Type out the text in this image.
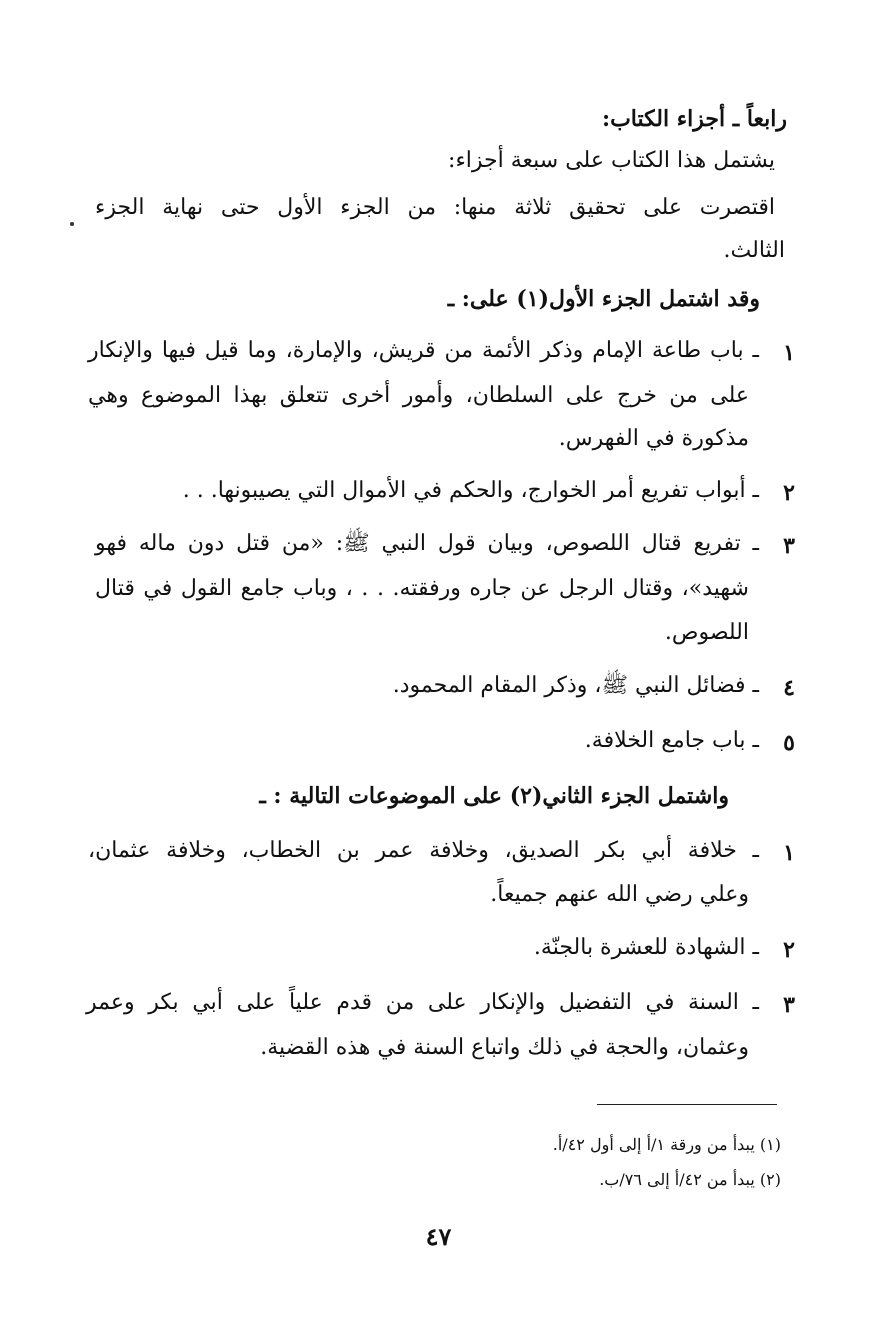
رابعاً ـ أجزاء الكتاب:
يشتمل هذا الكتاب على سبعة أجزاء:
اقتصرت على تحقيق ثلاثة منها: من الجزء الأول حتى نهاية الجزء
الثالث.
وقد اشتمل الجزء الأول(١) على: ـ
١
ـ باب طاعة الإمام وذكر الأئمة من قريش، والإمارة، وما قيل فيها والإنكار
على من خرج على السلطان، وأمور أخرى تتعلق بهذا الموضوع وهي
مذكورة في الفهرس.
٢
ـ أبواب تفريع أمر الخوارج، والحكم في الأموال التي يصيبونها. . .
٣
ـ تفريع قتال اللصوص، وبيان قول النبي ﷺ: «من قتل دون ماله فهو
شهيد»، وقتال الرجل عن جاره ورفقته. . . ، وباب جامع القول في قتال
اللصوص.
٤
ـ فضائل النبي ﷺ، وذكر المقام المحمود.
٥
ـ باب جامع الخلافة.
واشتمل الجزء الثاني(٢) على الموضوعات التالية : ـ
١
ـ خلافة أبي بكر الصديق، وخلافة عمر بن الخطاب، وخلافة عثمان،
وعلي رضي الله عنهم جميعاً.
٢
ـ الشهادة للعشرة بالجنّة.
٣
ـ السنة في التفضيل والإنكار على من قدم علياً على أبي بكر وعمر
وعثمان، والحجة في ذلك واتباع السنة في هذه القضية.
(١) يبدأ من ورقة ١/أ إلى أول ٤٢/أ.
(٢) يبدأ من ٤٢/أ إلى ٧٦/ب.
٤٧
